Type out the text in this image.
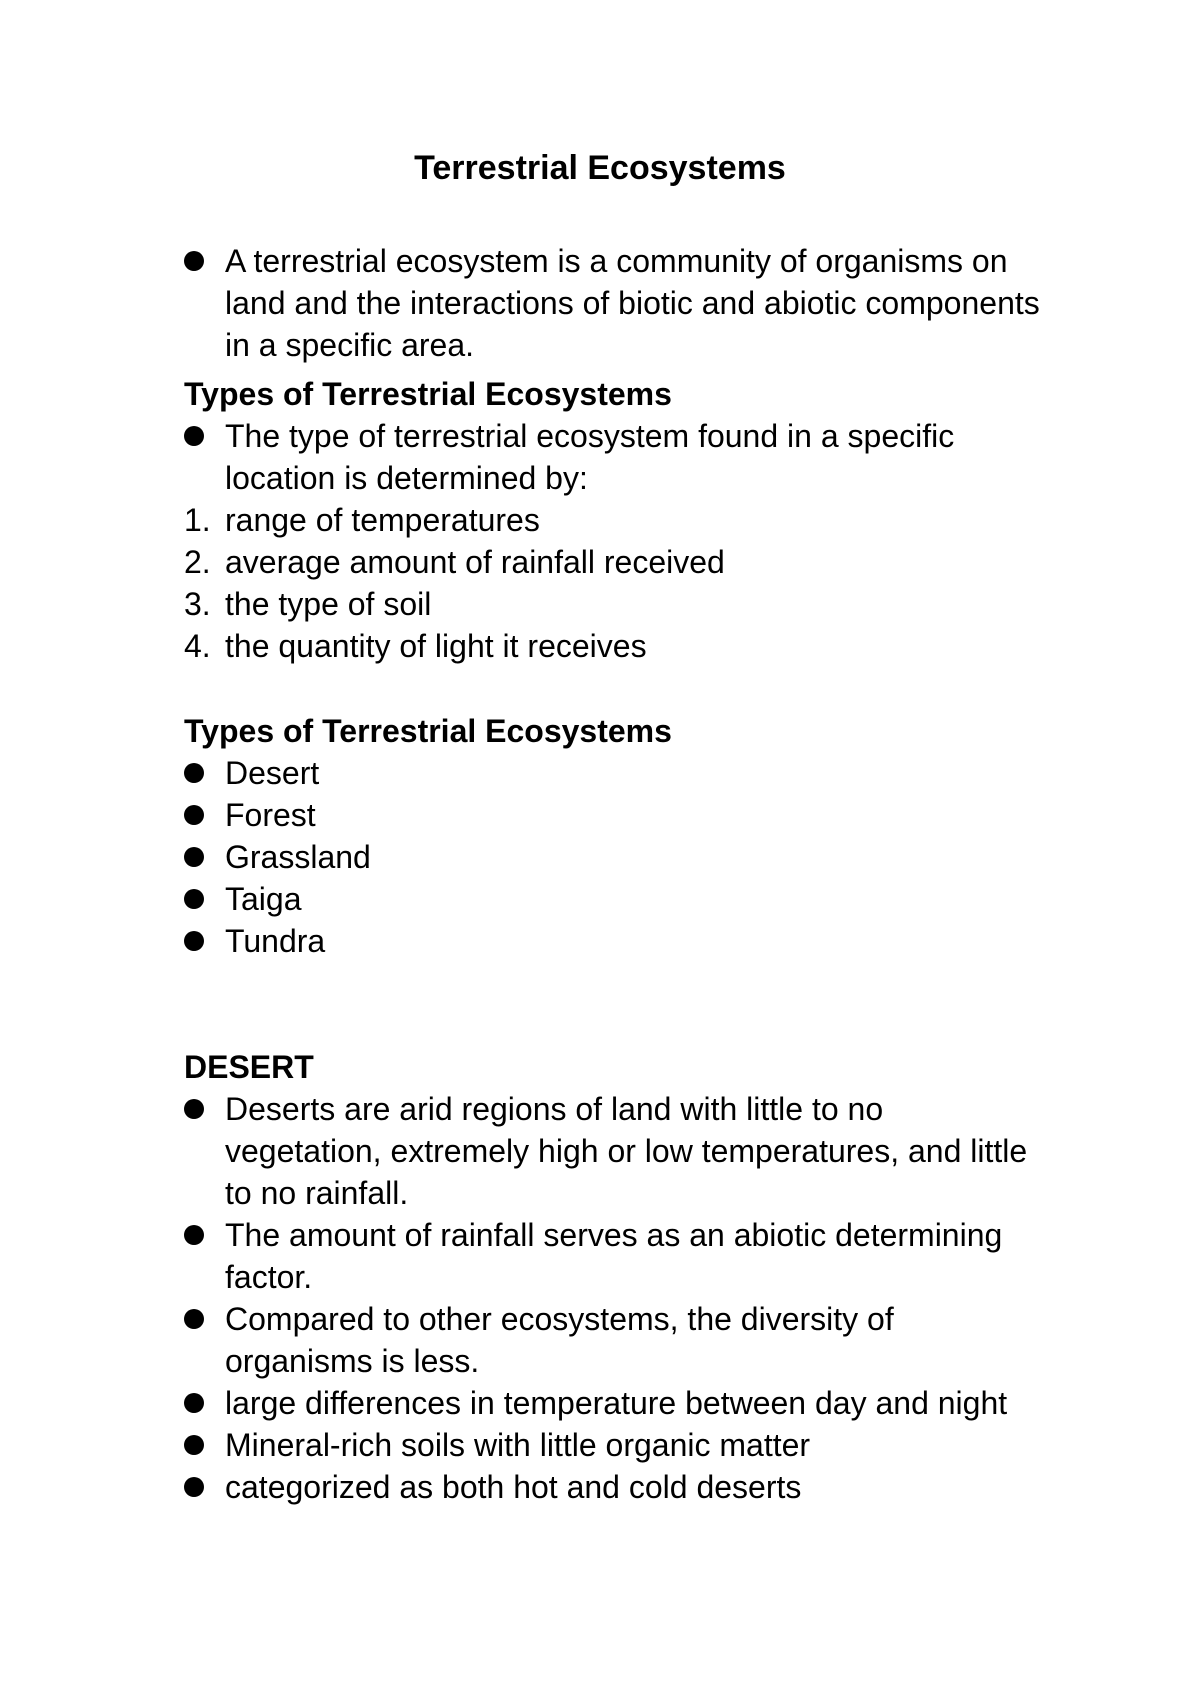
Terrestrial Ecosystems
A terrestrial ecosystem is a community of organisms on land and the interactions of biotic and abiotic components in a specific area.
Types of Terrestrial Ecosystems
The type of terrestrial ecosystem found in a specific location is determined by:
1. range of temperatures
2. average amount of rainfall received
3. the type of soil
4. the quantity of light it receives
Types of Terrestrial Ecosystems
Desert
Forest
Grassland
Taiga
Tundra
DESERT
Deserts are arid regions of land with little to no vegetation, extremely high or low temperatures, and little to no rainfall.
The amount of rainfall serves as an abiotic determining factor.
Compared to other ecosystems, the diversity of organisms is less.
large differences in temperature between day and night
Mineral-rich soils with little organic matter
categorized as both hot and cold deserts
